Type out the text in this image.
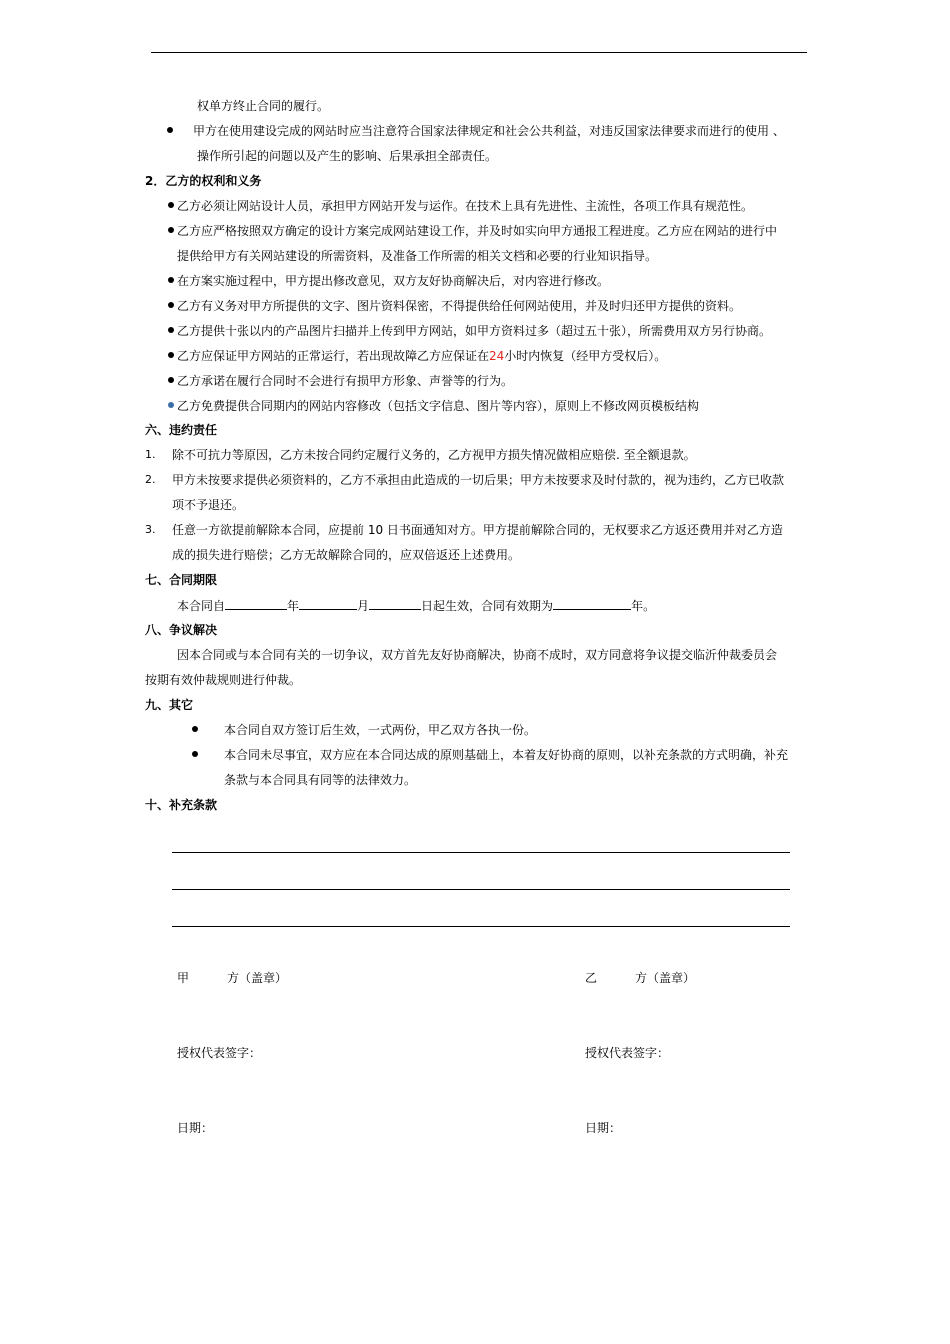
权单方终止合同的履行。
甲方在使用建设完成的网站时应当注意符合国家法律规定和社会公共利益，对违反国家法律要求而进行的使用 、
操作所引起的问题以及产生的影响、后果承担全部责任。
2．乙方的权利和义务
乙方必须让网站设计人员，承担甲方网站开发与运作。在技术上具有先进性、主流性，各项工作具有规范性。
乙方应严格按照双方确定的设计方案完成网站建设工作，并及时如实向甲方通报工程进度。乙方应在网站的进行中
提供给甲方有关网站建设的所需资料，及准备工作所需的相关文档和必要的行业知识指导。
在方案实施过程中，甲方提出修改意见，双方友好协商解决后，对内容进行修改。
乙方有义务对甲方所提供的文字、图片资料保密，不得提供给任何网站使用，并及时归还甲方提供的资料。
乙方提供十张以内的产品图片扫描并上传到甲方网站，如甲方资料过多（超过五十张），所需费用双方另行协商。
乙方应保证甲方网站的正常运行，若出现故障乙方应保证在24小时内恢复（经甲方受权后）。
乙方承诺在履行合同时不会进行有损甲方形象、声誉等的行为。
乙方免费提供合同期内的网站内容修改（包括文字信息、图片等内容），原则上不修改网页模板结构
六、违约责任
1. 除不可抗力等原因，乙方未按合同约定履行义务的，乙方视甲方损失情况做相应赔偿. 至全额退款。
2. 甲方未按要求提供必须资料的，乙方不承担由此造成的一切后果；甲方未按要求及时付款的，视为违约，乙方已收款
项不予退还。
3. 任意一方欲提前解除本合同，应提前 10 日书面通知对方。甲方提前解除合同的，无权要求乙方返还费用并对乙方造
成的损失进行赔偿；乙方无故解除合同的，应双倍返还上述费用。
七、合同期限
本合同自	年	月	日起生效，合同有效期为	年。
八、争议解决
因本合同或与本合同有关的一切争议，双方首先友好协商解决，协商不成时，双方同意将争议提交临沂仲裁委员会
按期有效仲裁规则进行仲裁。
九、其它
本合同自双方签订后生效，一式两份，甲乙双方各执一份。
本合同未尽事宜，双方应在本合同达成的原则基础上，本着友好协商的原则，以补充条款的方式明确，补充
条款与本合同具有同等的法律效力。
十、补充条款
甲	方（盖章）	乙	方（盖章）
授权代表签字：	授权代表签字：
日期：	日期：
